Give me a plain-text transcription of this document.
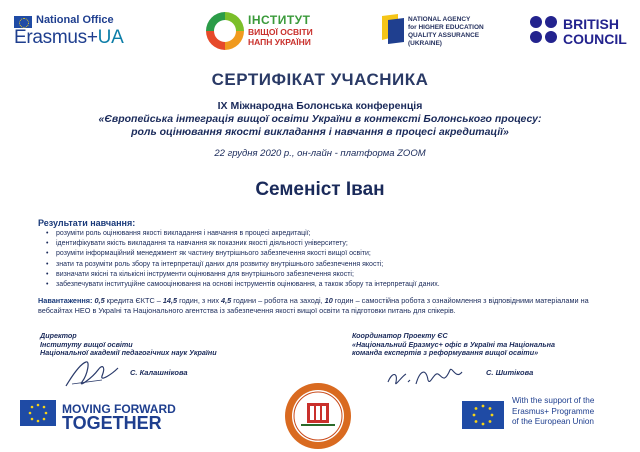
National Office
Erasmus+UA
ІНСТИТУТ
ВИЩОЇ ОСВІТИ
НАПН УКРАЇНИ
NATIONAL AGENCY
for HIGHER EDUCATION
QUALITY ASSURANCE
(UKRAINE)
BRITISH
COUNCIL
СЕРТИФІКАТ УЧАСНИКА
IX Міжнародна Болонська конференція
«Європейська інтеграція вищої освіти України в контексті Болонського процесу:
роль оцінювання якості викладання і навчання в процесі акредитації»
22 грудня 2020 р., он-лайн - платформа ZOOM
Семеніст Іван
Результати навчання:
• розуміти роль оцінювання якості викладання і навчання в процесі акредитації;
• ідентифікувати якість викладання та навчання як показник якості діяльності університету;
• розуміти інформаційний менеджмент як частину внутрішнього забезпечення якості вищої освіти;
• знати та розуміти роль збору та інтерпретації даних для розвитку внутрішнього забезпечення якості;
• визначати якісні та кількісні інструменти оцінювання для внутрішнього забезпечення якості;
• забезпечувати інституційне самооцінювання на основі інструментів оцінювання, а також збору та інтерпретації даних.
Навантаження: 0,5 кредита ЄКТС – 14,5 годин, з них 4,5 години – робота на заході, 10 годин – самостійна робота з ознайомлення з відповідними матеріалами на вебсайтах НЕО в Україні та Національного агентства із забезпечення якості вищої освіти та підготовки питань для спікерів.
Директор
Інституту вищої освіти
Національної академії педагогічних наук України
С. Калашнікова
Координатор Проекту ЄС
«Національний Еразмус+ офіс в Україні та Національна
команда експертів з реформування вищої освіти»
С. Шитікова
MOVING FORWARD
TOGETHER
With the support of the
Erasmus+ Programme
of the European Union
